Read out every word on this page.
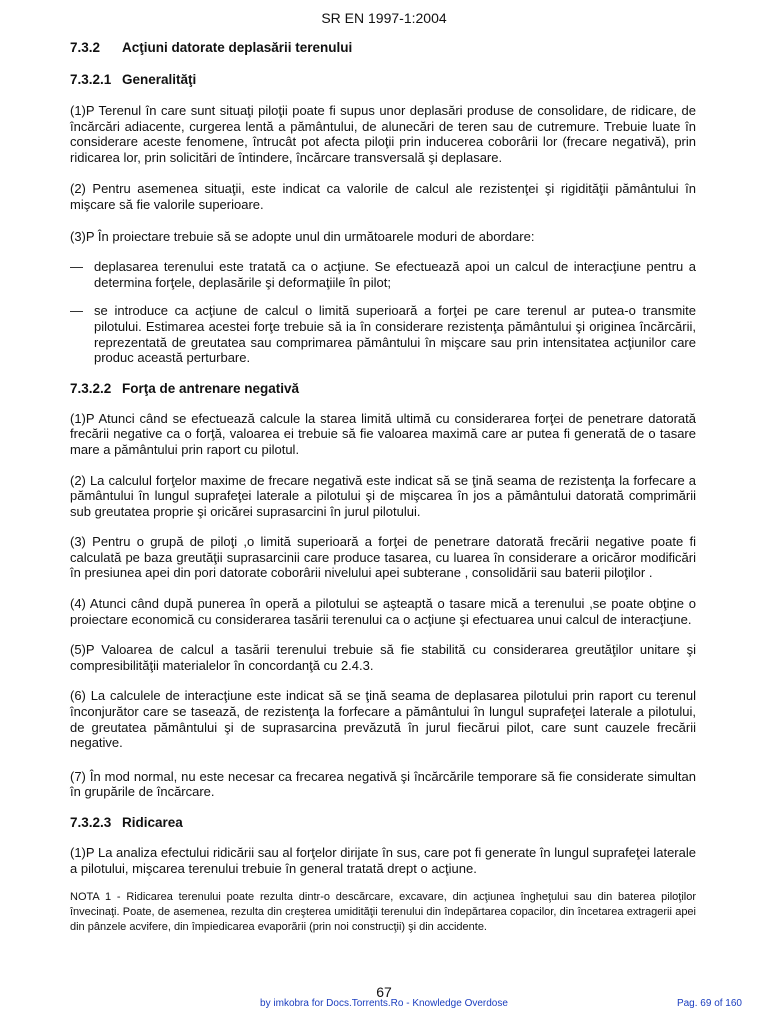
SR EN 1997-1:2004
7.3.2 Acţiuni datorate deplasării terenului
7.3.2.1 Generalităţi

(1)P Terenul în care sunt situaţi piloţii poate fi supus unor deplasări produse de consolidare, de ridicare, de încărcări adiacente, curgerea lentă a pământului, de alunecări de teren sau de cutremure. Trebuie luate în considerare aceste fenomene, întrucât pot afecta piloţii prin inducerea coborârii lor (frecare negativă), prin ridicarea lor, prin solicitări de întindere, încărcare transversală şi deplasare.

(2) Pentru asemenea situaţii, este indicat ca valorile de calcul ale rezistenţei şi rigidităţii pământului în mişcare să fie valorile superioare.

(3)P În proiectare trebuie să se adopte unul din următoarele moduri de abordare:

— deplasarea terenului este tratată ca o acţiune. Se efectuează apoi un calcul de interacţiune pentru a determina forţele, deplasările şi deformaţiile în pilot;
— se introduce ca acţiune de calcul o limită superioară a forţei pe care terenul ar putea-o transmite pilotului. Estimarea acestei forţe trebuie să ia în considerare rezistenţa pământului şi originea încărcării, reprezentată de greutatea sau comprimarea pământului în mişcare sau prin intensitatea acţiunilor care produc această perturbare.
7.3.2.2 Forţa de antrenare negativă

(1)P Atunci când se efectuează calcule la starea limită ultimă cu considerarea forţei de penetrare datorată frecării negative ca o forţă, valoarea ei trebuie să fie valoarea maximă care ar putea fi generată de o tasare mare a pământului prin raport cu pilotul.

(2) La calculul forţelor maxime de frecare negativă este indicat să se ţină seama de rezistenţa la forfecare a pământului în lungul suprafeţei laterale a pilotului şi de mişcarea în jos a pământului datorată comprimării sub greutatea proprie şi oricărei suprasarcini în jurul pilotului.

(3) Pentru o grupă de piloţi ,o limită superioară a forţei de penetrare datorată frecării negative poate fi calculată pe baza greutăţii suprasarcinii care produce tasarea, cu luarea în considerare a oricăror modificări în presiunea apei din pori datorate coborârii nivelului apei subterane , consolidării sau baterii piloţilor .

(4) Atunci când după punerea în operă a pilotului se aşteaptă o tasare mică a terenului ,se poate obţine o proiectare economică cu considerarea tasării terenului ca o acţiune şi efectuarea unui calcul de interacţiune.

(5)P Valoarea de calcul a tasării terenului trebuie să fie stabilită cu considerarea greutăţilor unitare şi compresibilităţii materialelor în concordanţă cu 2.4.3.

(6) La calculele de interacţiune este indicat să se ţină seama de deplasarea pilotului prin raport cu terenul înconjurător care se tasează, de rezistenţa la forfecare a pământului în lungul suprafeţei laterale a pilotului, de greutatea pământului şi de suprasarcina prevăzută în jurul fiecărui pilot, care sunt cauzele frecării negative.

(7) În mod normal, nu este necesar ca frecarea negativă şi încărcările temporare să fie considerate simultan în grupările de încărcare.

7.3.2.3 Ridicarea

(1)P La analiza efectului ridicării sau al forţelor dirijate în sus, care pot fi generate în lungul suprafeţei laterale a pilotului, mişcarea terenului trebuie în general tratată drept o acţiune.

NOTA 1 - Ridicarea terenului poate rezulta dintr-o descărcare, excavare, din acţiunea îngheţului sau din baterea piloţilor învecinaţi. Poate, de asemenea, rezulta din creşterea umidităţii terenului din îndepărtarea copacilor, din încetarea extragerii apei din pânzele acvifere, din împiedicarea evaporării (prin noi construcţii) şi din accidente.

67
by imkobra for Docs.Torrents.Ro - Knowledge Overdose	Pag. 69 of 160
